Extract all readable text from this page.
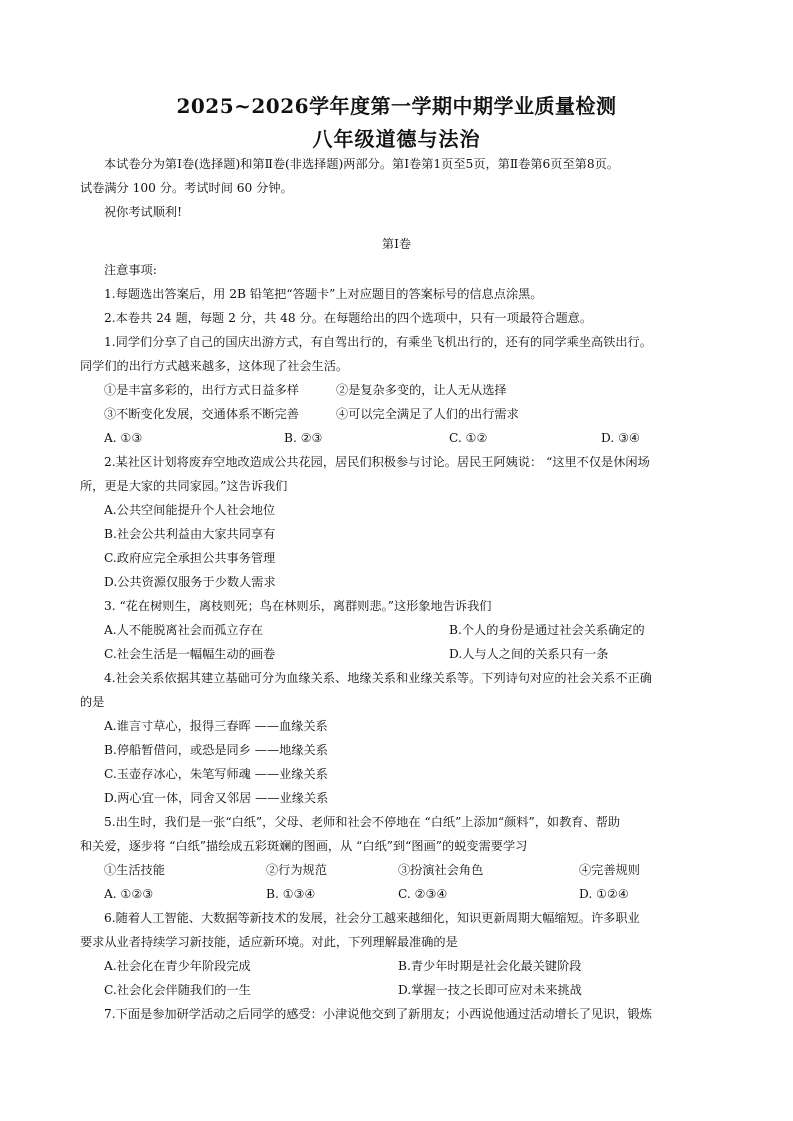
2025~2026学年度第一学期中期学业质量检测
八年级道德与法治
本试卷分为第Ⅰ卷(选择题)和第Ⅱ卷(非选择题)两部分。第Ⅰ卷第1页至5页，第Ⅱ卷第6页至第8页。
试卷满分 100 分。考试时间 60 分钟。
祝你考试顺利!
第Ⅰ卷
注意事项:
1.每题选出答案后，用 2B 铅笔把“答题卡”上对应题目的答案标号的信息点涂黑。
2.本卷共 24 题，每题 2 分，共 48 分。在每题给出的四个选项中，只有一项最符合题意。
1.同学们分享了自己的国庆出游方式，有自驾出行的，有乘坐飞机出行的，还有的同学乘坐高铁出行。
同学们的出行方式越来越多，这体现了社会生活。
①是丰富多彩的，出行方式日益多样	②是复杂多变的，让人无从选择
③不断变化发展，交通体系不断完善	④可以完全满足了人们的出行需求
A. ①③	B. ②③	C. ①②	D. ③④
2.某社区计划将废弃空地改造成公共花园，居民们积极参与讨论。居民王阿姨说： “这里不仅是休闲场
所，更是大家的共同家园。”这告诉我们
A.公共空间能提升个人社会地位
B.社会公共利益由大家共同享有
C.政府应完全承担公共事务管理
D.公共资源仅服务于少数人需求
3. “花在树则生，离枝则死；鸟在林则乐，离群则悲。”这形象地告诉我们
A.人不能脱离社会而孤立存在	B.个人的身份是通过社会关系确定的
C.社会生活是一幅幅生动的画卷	D.人与人之间的关系只有一条
4.社会关系依据其建立基础可分为血缘关系、地缘关系和业缘关系等。下列诗句对应的社会关系不正确
的是
A.谁言寸草心，报得三春晖 ——血缘关系
B.停船暂借问，或恐是同乡 ——地缘关系
C.玉壶存冰心，朱笔写师魂 ——业缘关系
D.两心宜一体，同舍又邻居 ——业缘关系
5.出生时，我们是一张“白纸”，父母、老师和社会不停地在 “白纸”上添加“颜料”，如教育、帮助
和关爱，逐步将 “白纸”描绘成五彩斑斓的图画，从 “白纸”到“图画”的蜕变需要学习
①生活技能	②行为规范	③扮演社会角色	④完善规则
A. ①②③	B. ①③④	C. ②③④	D. ①②④
6.随着人工智能、大数据等新技术的发展，社会分工越来越细化，知识更新周期大幅缩短。许多职业
要求从业者持续学习新技能，适应新环境。对此，下列理解最准确的是
A.社会化在青少年阶段完成	B.青少年时期是社会化最关键阶段
C.社会化会伴随我们的一生	D.掌握一技之长即可应对未来挑战
7.下面是参加研学活动之后同学的感受：小津说他交到了新朋友；小西说他通过活动增长了见识，锻炼
